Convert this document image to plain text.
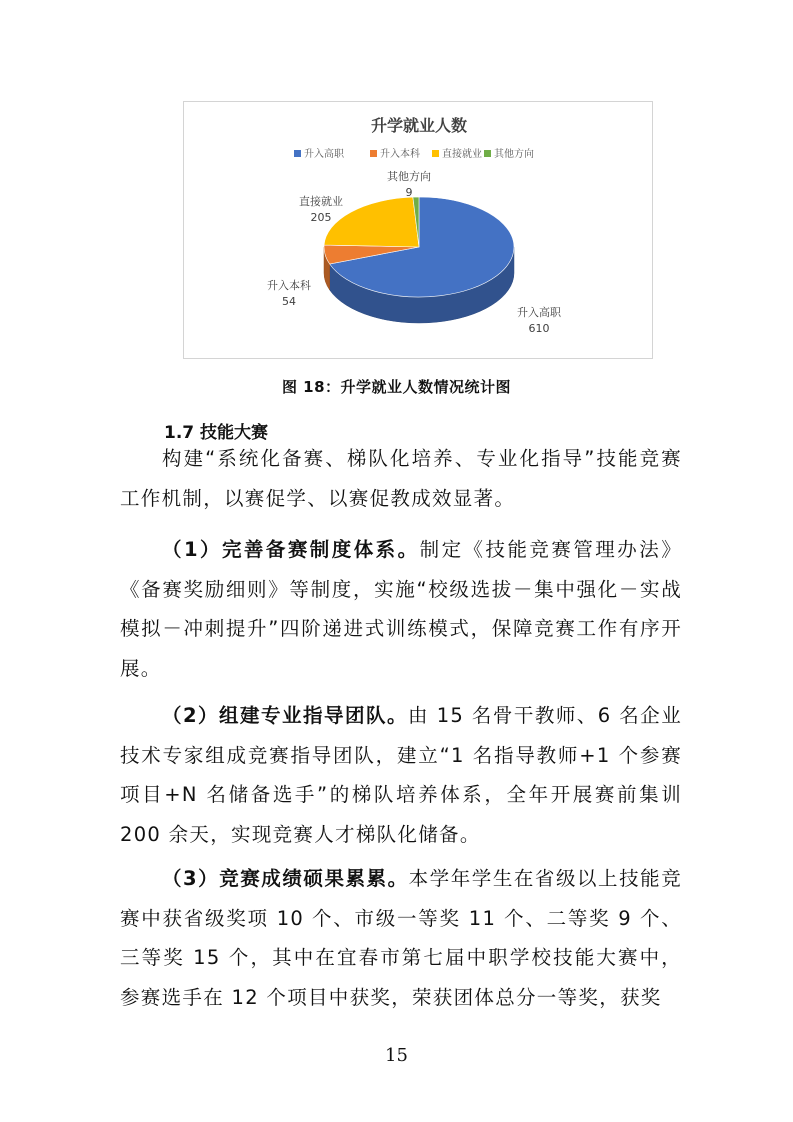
升学就业人数
升入高职	升入本科 直接就业 其他方向
升入高职
610
升入本科
54
直接就业
205
其他方向
9
图 18：升学就业人数情况统计图
1.7 技能大赛
构建“系统化备赛、梯队化培养、专业化指导”技能竞赛工作机制，以赛促学、以赛促教成效显著。
（1）完善备赛制度体系。制定《技能竞赛管理办法》《备赛奖励细则》等制度，实施“校级选拔－集中强化－实战模拟－冲刺提升”四阶递进式训练模式，保障竞赛工作有序开展。
（2）组建专业指导团队。由 15 名骨干教师、6 名企业技术专家组成竞赛指导团队，建立“1 名指导教师+1 个参赛项目+N 名储备选手”的梯队培养体系，全年开展赛前集训 200 余天，实现竞赛人才梯队化储备。
（3）竞赛成绩硕果累累。本学年学生在省级以上技能竞赛中获省级奖项 10 个、市级一等奖 11 个、二等奖 9 个、三等奖 15 个，其中在宜春市第七届中职学校技能大赛中，参赛选手在 12 个项目中获奖，荣获团体总分一等奖，获奖
15
